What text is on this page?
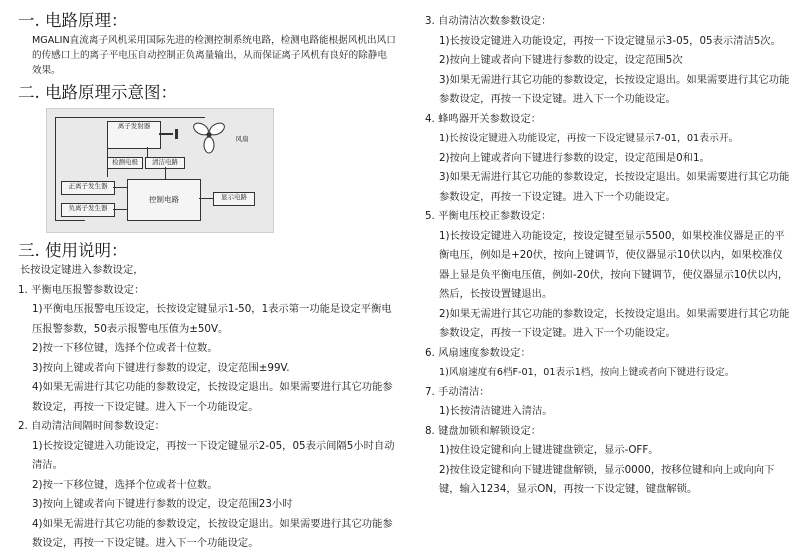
一. 电路原理：
MGALIN直流离子风机采用国际先进的检测控制系统电路，检测电路能根据风机出风口的传感口上的离子平电压自动控制正负离量输出，从而保证离子风机有良好的除静电效果。
二. 电路原理示意图：
离子发射器
风扇
检测电极	清洁电路
正离子发生器
负离子发生器
控制电路	显示电路
三. 使用说明：
长按设定键进入参数设定，
1. 平衡电压报警参数设定：
1)平衡电压报警电压设定，长按设定键显示1-50，1表示第一功能是设定平衡电压报警参数，50表示报警电压值为±50V。
2)按一下移位键，选择个位或者十位数。
3)按向上键或者向下键进行参数的设定，设定范围±99V.
4)如果无需进行其它功能的参数设定，长按设定退出。如果需要进行其它功能参数设定，再按一下设定键。进入下一个功能设定。
2. 自动清洁间隔时间参数设定：
1)长按设定键进入功能设定，再按一下设定键显示2-05，05表示间隔5小时自动清洁。
2)按一下移位键，选择个位或者十位数。
3)按向上键或者向下键进行参数的设定，设定范围23小时
4)如果无需进行其它功能的参数设定，长按设定退出。如果需要进行其它功能参数设定，再按一下设定键。进入下一个功能设定。
3. 自动清洁次数参数设定：
1)长按设定键进入功能设定，再按一下设定键显示3-05，05表示清洁5次。
2)按向上键或者向下键进行参数的设定，设定范围5次
3)如果无需进行其它功能的参数设定，长按设定退出。如果需要进行其它功能参数设定，再按一下设定键。进入下一个功能设定。
4. 蜂鸣器开关参数设定：
1)长按设定键进入功能设定，再按一下设定键显示7-01，01表示开。
2)按向上键或者向下键进行参数的设定，设定范围是0和1。
3)如果无需进行其它功能的参数设定，长按设定退出。如果需要进行其它功能参数设定，再按一下设定键。进入下一个功能设定。
5. 平衡电压校正参数设定：
1)长按设定键进入功能设定，按设定键至显示5500，如果校准仪器是正的平衡电压，例如是+20伏，按向上键调节，使仪器显示10伏以内，如果校准仪器上显是负平衡电压值，例如-20伏，按向下键调节，使仪器显示10伏以内，然后，长按设置键退出。
2)如果无需进行其它功能的参数设定，长按设定退出。如果需要进行其它功能参数设定，再按一下设定键。进入下一个功能设定。
6. 风扇速度参数设定：
1)风扇速度有6档F-01，01表示1档，按向上键或者向下键进行设定。
7. 手动清洁：
1)长按清洁键进入清洁。
8. 键盘加锁和解锁设定：
1)按住设定键和向上键进键盘锁定，显示-OFF。
2)按住设定键和向下键进键盘解锁，显示0000，按移位键和向上或向向下键，输入1234，显示ON，再按一下设定键，键盘解锁。
